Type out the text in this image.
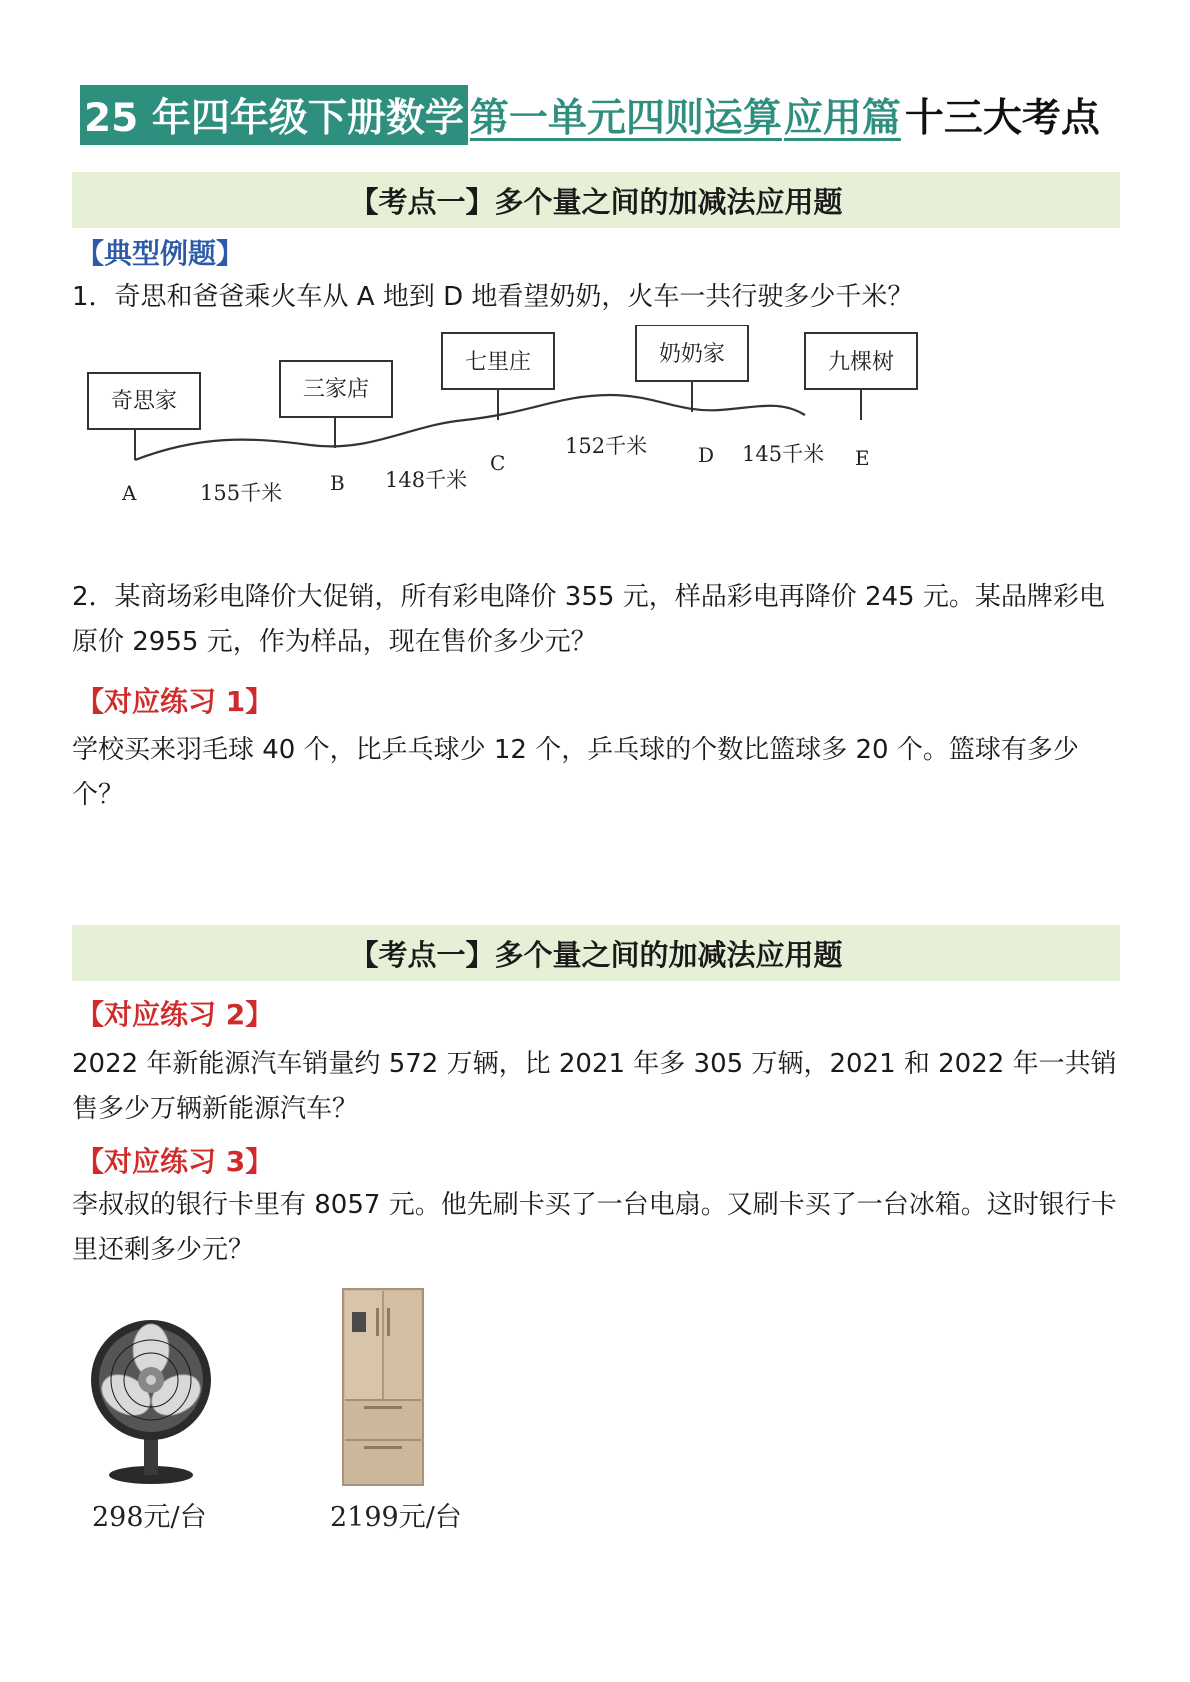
25 年四年级下册数学 第一单元四则运算 应用篇 十三大考点
【考点一】多个量之间的加减法应用题
【典型例题】
1．奇思和爸爸乘火车从 A 地到 D 地看望奶奶，火车一共行驶多少千米？
奇思家	三家店
七里庄	奶奶家	九棵树
A	B
C	D	E
155千米
148千米
152千米	145千米
2．某商场彩电降价大促销，所有彩电降价 355 元，样品彩电再降价 245 元。某品牌彩电原价 2955 元，作为样品，现在售价多少元？
【对应练习 1】
学校买来羽毛球 40 个，比乒乓球少 12 个，乒乓球的个数比篮球多 20 个。篮球有多少个？
【考点一】多个量之间的加减法应用题
【对应练习 2】
2022 年新能源汽车销量约 572 万辆，比 2021 年多 305 万辆，2021 和 2022 年一共销售多少万辆新能源汽车？
【对应练习 3】
李叔叔的银行卡里有 8057 元。他先刷卡买了一台电扇。又刷卡买了一台冰箱。这时银行卡里还剩多少元？
298元/台	2199元/台
